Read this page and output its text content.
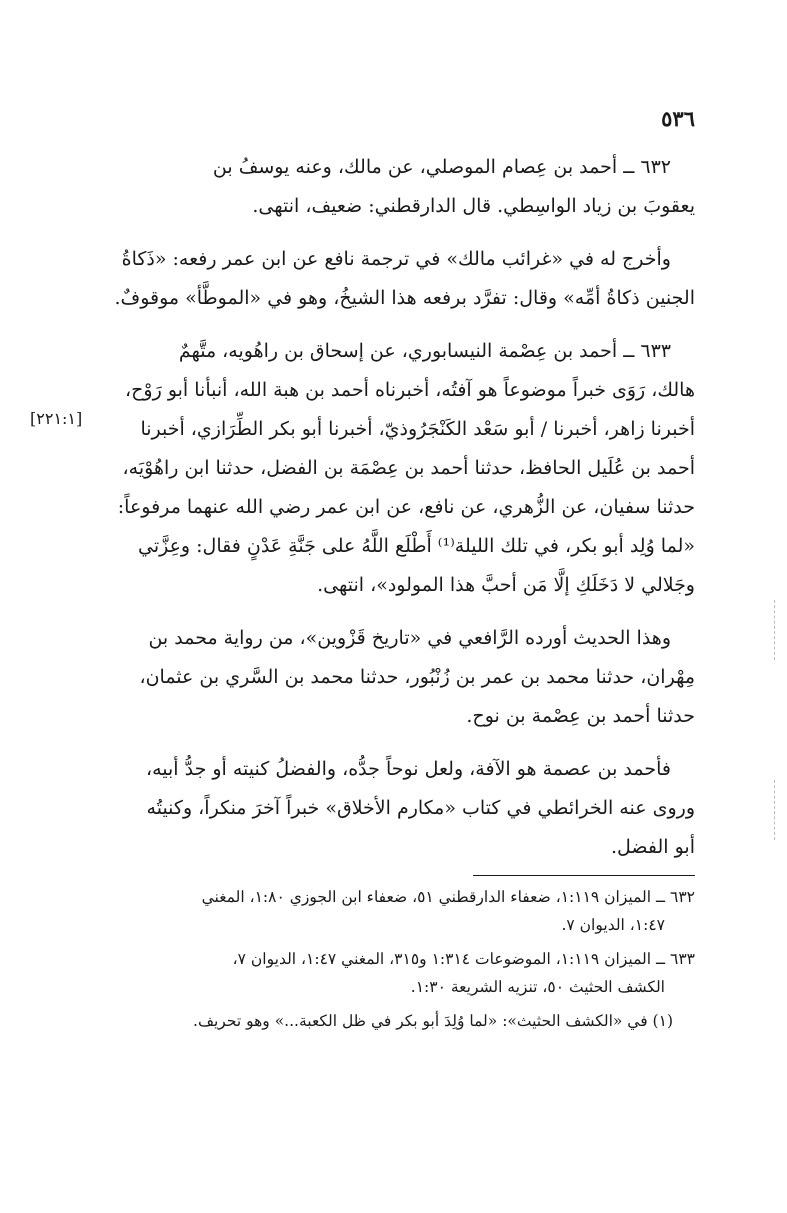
٥٣٦
[٢٢١:١]

٦٣٢ ــ أحمد بن عِصام الموصلي، عن مالك، وعنه يوسفُ بن
يعقوبَ بن زياد الواسِطي. قال الدارقطني: ضعيف، انتهى.

وأخرج له في «غرائب مالك» في ترجمة نافع عن ابن عمر رفعه: «ذَكاةُ
الجنين ذكاةُ أمِّه» وقال: تفرَّد برفعه هذا الشيخُ، وهو في «الموطَّأ» موقوفٌ.

٦٣٣ ــ أحمد بن عِصْمة النيسابوري، عن إسحاق بن راهُويه، متَّهمٌ
هالك، رَوَى خبراً موضوعاً هو آفتُه، أخبرناه أحمد بن هبة الله، أنبأنا أبو رَوْح،
أخبرنا زاهر، أخبرنا / أبو سَعْد الكَنْجَرُوذيّ، أخبرنا أبو بكر الطِّرَازي، أخبرنا
أحمد بن عُلَيل الحافظ، حدثنا أحمد بن عِصْمَة بن الفضل، حدثنا ابن راهُوْيَه،
حدثنا سفيان، عن الزُّهري، عن نافع، عن ابن عمر رضي الله عنهما مرفوعاً:
«لما وُلِد أبو بكر، في تلك الليلة⁽¹⁾ أَطْلَع اللَّهُ على جَنَّةِ عَدْنٍ فقال: وعِزَّتي
وجَلالي لا دَخَلَكِ إلَّا مَن أحبَّ هذا المولود»، انتهى.

وهذا الحديث أورده الرَّافعي في «تاريخ قَزْوين»، من رواية محمد بن
مِهْران، حدثنا محمد بن عمر بن زُنْبُور، حدثنا محمد بن السَّري بن عثمان،
حدثنا أحمد بن عِصْمة بن نوح.

فأحمد بن عصمة هو الآفة، ولعل نوحاً جدُّه، والفضلُ كنيته أو جدُّ أبيه،
وروى عنه الخرائطي في كتاب «مكارم الأخلاق» خبراً آخرَ منكراً، وكنيتُه
أبو الفضل.

٦٣٢ ــ الميزان ١:١١٩، ضعفاء الدارقطني ٥١، ضعفاء ابن الجوزي ١:٨٠، المغني
١:٤٧، الديوان ٧.

٦٣٣ ــ الميزان ١:١١٩، الموضوعات ١:٣١٤ و٣١٥، المغني ١:٤٧، الديوان ٧،
الكشف الحثيث ٥٠، تنزيه الشريعة ١:٣٠.

(١) في «الكشف الحثيث»: «لما وُلِدَ أبو بكر في ظل الكعبة...» وهو تحريف.
